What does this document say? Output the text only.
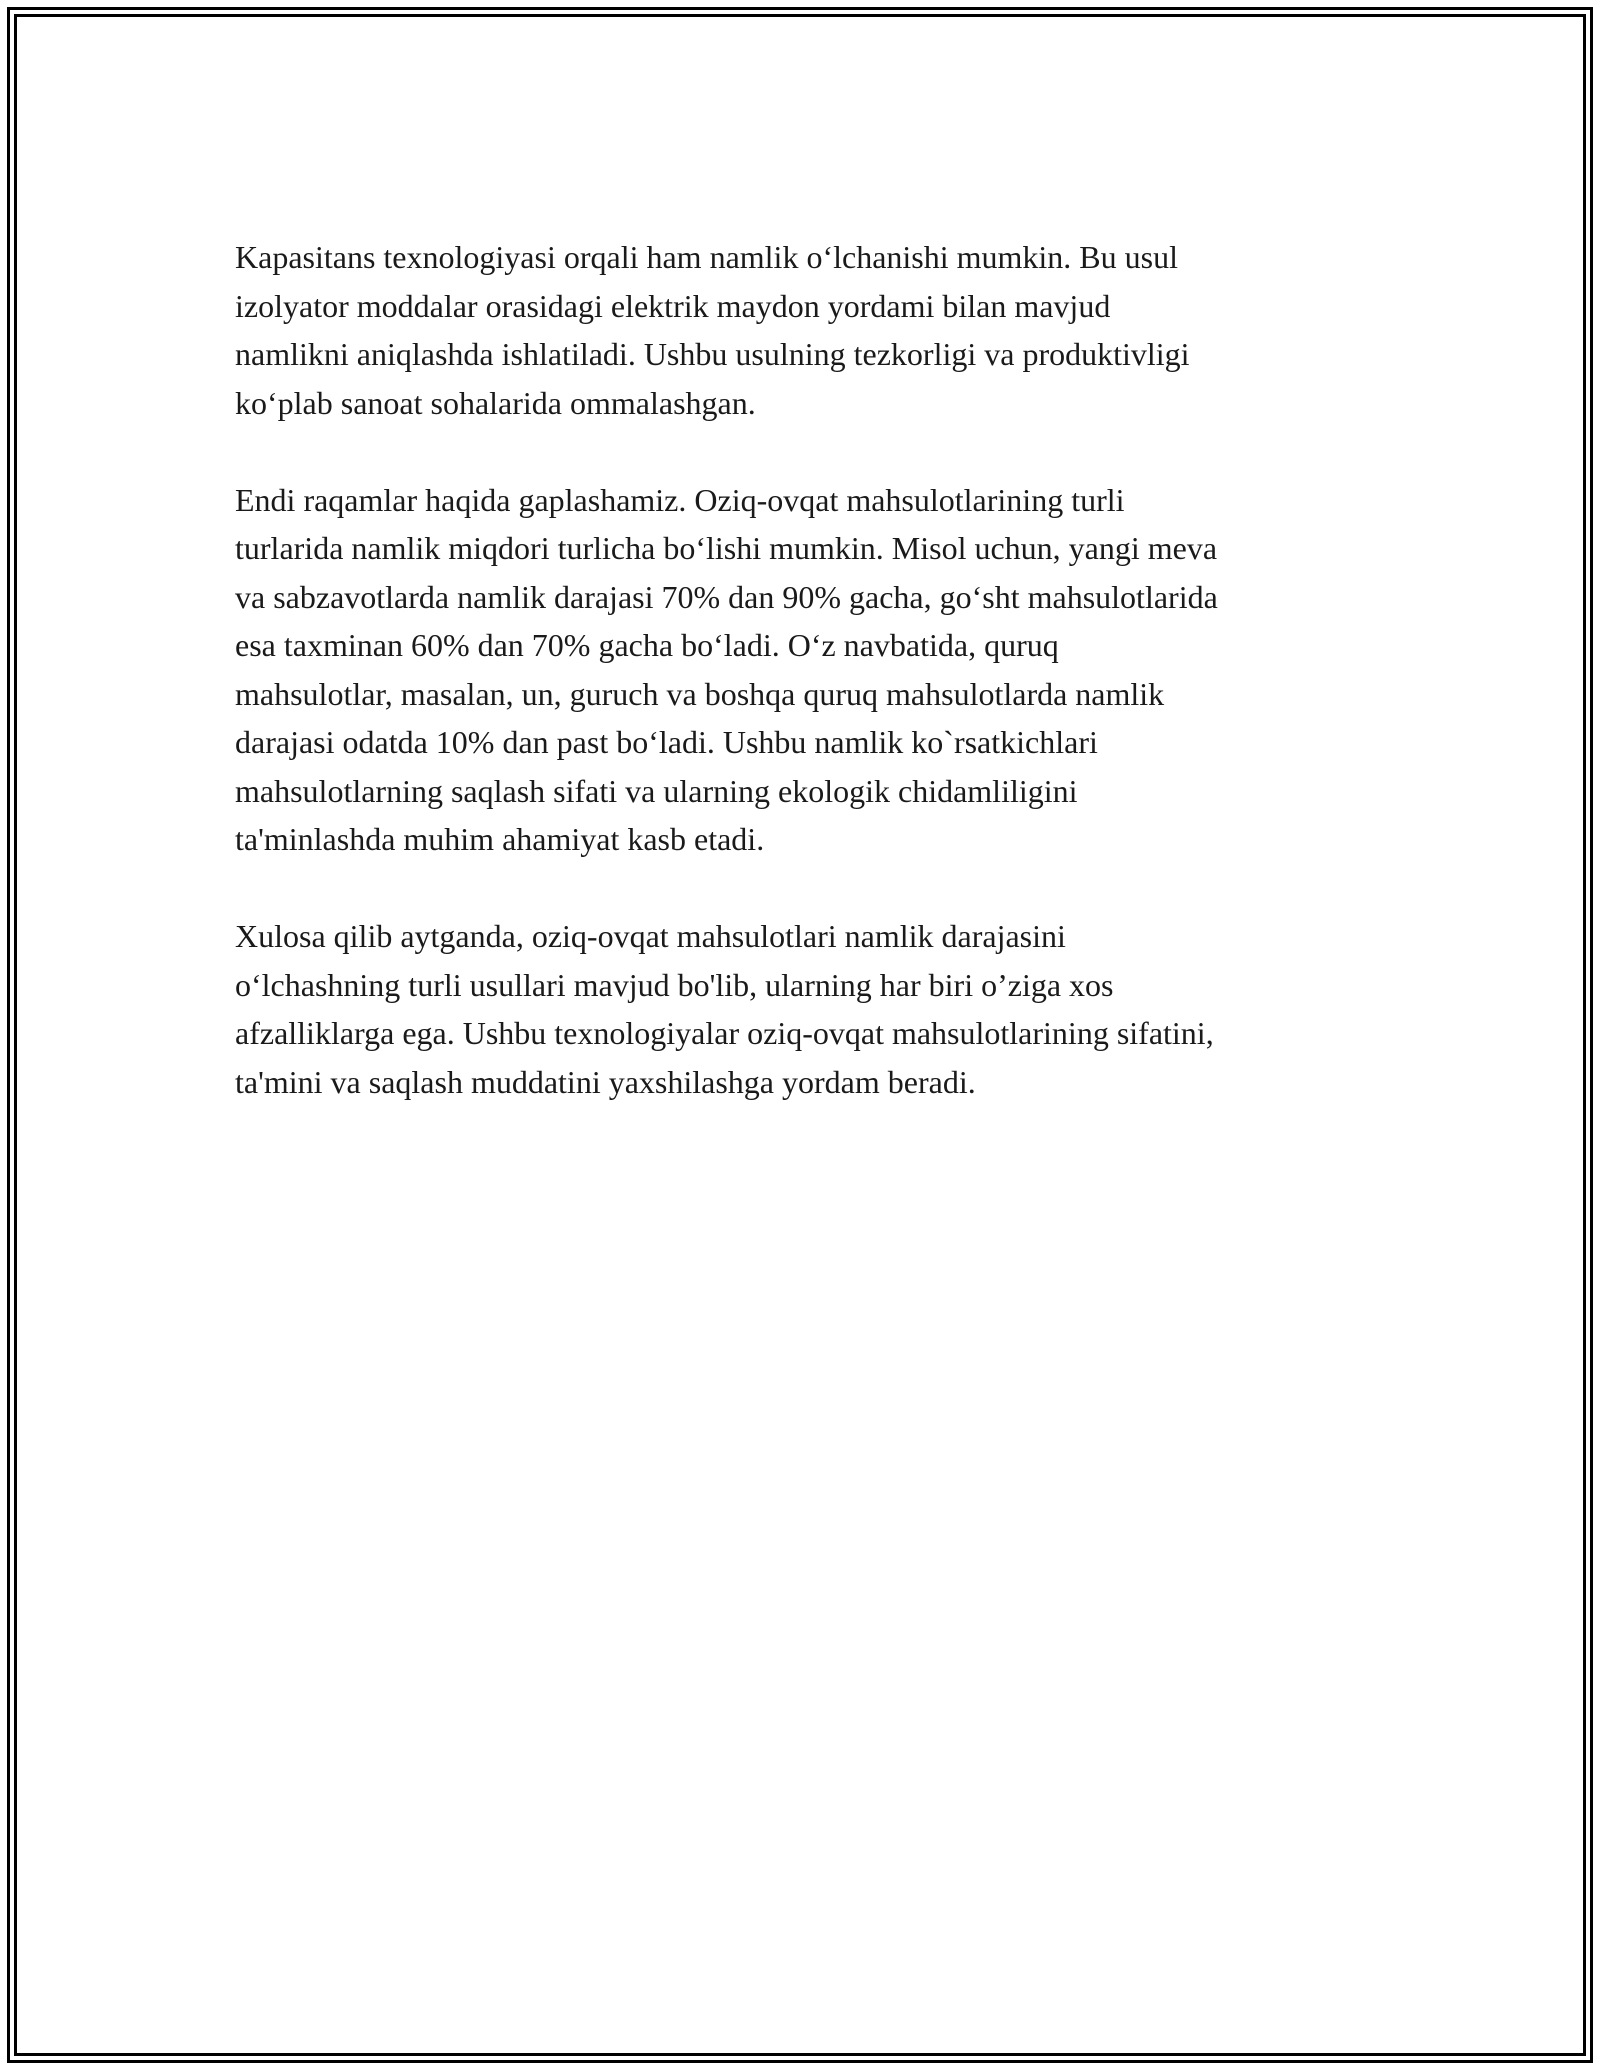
Kapasitans texnologiyasi orqali ham namlik o‘lchanishi mumkin. Bu usul
izolyator moddalar orasidagi elektrik maydon yordami bilan mavjud
namlikni aniqlashda ishlatiladi. Ushbu usulning tezkorligi va produktivligi
ko‘plab sanoat sohalarida ommalashgan.

Endi raqamlar haqida gaplashamiz. Oziq-ovqat mahsulotlarining turli
turlarida namlik miqdori turlicha bo‘lishi mumkin. Misol uchun, yangi meva
va sabzavotlarda namlik darajasi 70% dan 90% gacha, go‘sht mahsulotlarida
esa taxminan 60% dan 70% gacha bo‘ladi. O‘z navbatida, quruq
mahsulotlar, masalan, un, guruch va boshqa quruq mahsulotlarda namlik
darajasi odatda 10% dan past bo‘ladi. Ushbu namlik ko`rsatkichlari
mahsulotlarning saqlash sifati va ularning ekologik chidamliligini
ta'minlashda muhim ahamiyat kasb etadi.

Xulosa qilib aytganda, oziq-ovqat mahsulotlari namlik darajasini
o‘lchashning turli usullari mavjud bo'lib, ularning har biri o’ziga xos
afzalliklarga ega. Ushbu texnologiyalar oziq-ovqat mahsulotlarining sifatini,
ta'mini va saqlash muddatini yaxshilashga yordam beradi.
